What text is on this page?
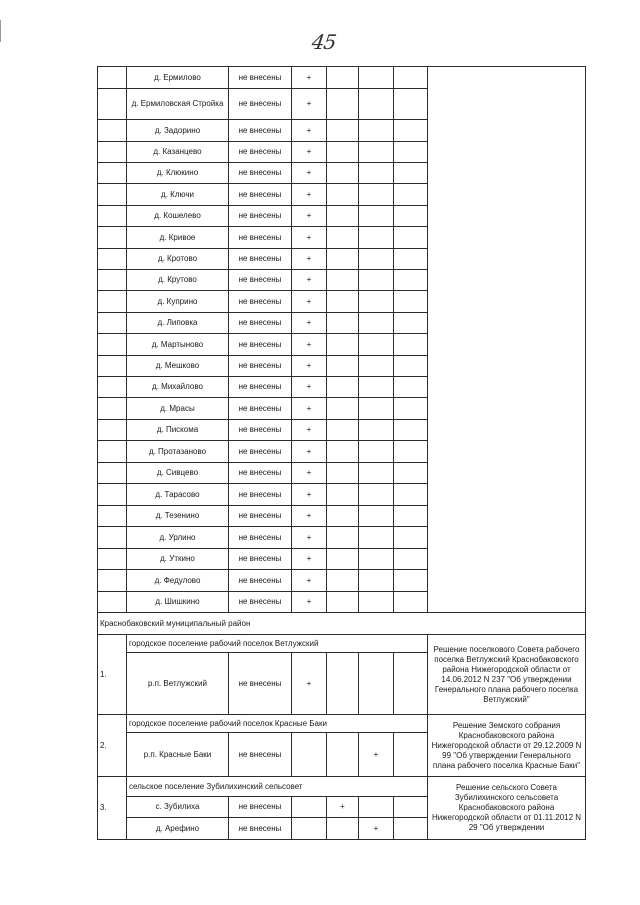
45
	д. Ермилово	не внесены	+				
	д. Ермиловская Стройка	не внесены	+				
	д. Задорино	не внесены	+				
	д. Казанцево	не внесены	+				
	д. Клюкино	не внесены	+				
	д. Ключи	не внесены	+				
	д. Кошелево	не внесены	+				
	д. Кривое	не внесены	+				
	д. Кротово	не внесены	+				
	д. Крутово	не внесены	+				
	д. Куприно	не внесены	+				
	д. Липовка	не внесены	+				
	д. Мартыново	не внесены	+				
	д. Мешково	не внесены	+				
	д. Михайлово	не внесены	+				
	д. Мрасы	не внесены	+				
	д. Пискома	не внесены	+				
	д. Протазаново	не внесены	+				
	д. Сивцево	не внесены	+				
	д. Тарасово	не внесены	+				
	д. Тезенино	не внесены	+				
	д. Урлино	не внесены	+				
	д. Уткино	не внесены	+				
	д. Федулово	не внесены	+				
	д. Шишкино	не внесены	+				
Краснобаковский муниципальный район							
1.	городское поселение рабочий поселок Ветлужский						Решение поселкового Совета рабочего поселка Ветлужский Краснобаковского района Нижегородской области от 14.06.2012 N 237 "Об утверждении Генерального плана рабочего поселка Ветлужский"
	р.п. Ветлужский	не внесены	+				
2.	городское поселение рабочий поселок Красные Баки						Решение Земского собрания Краснобаковского района Нижегородской области от 29.12.2009 N 99 "Об утверждении Генерального плана рабочего поселка Красные Баки"
	р.п. Красные Баки	не внесены			+		
3.	сельское поселение Зубилихинский сельсовет						Решение сельского Совета Зубилихинского сельсовета Краснобаковского района Нижегородской области от 01.11.2012 N 29 "Об утверждении
	с. Зубилиха	не внесены		+			
	д. Арефино	не внесены			+		
